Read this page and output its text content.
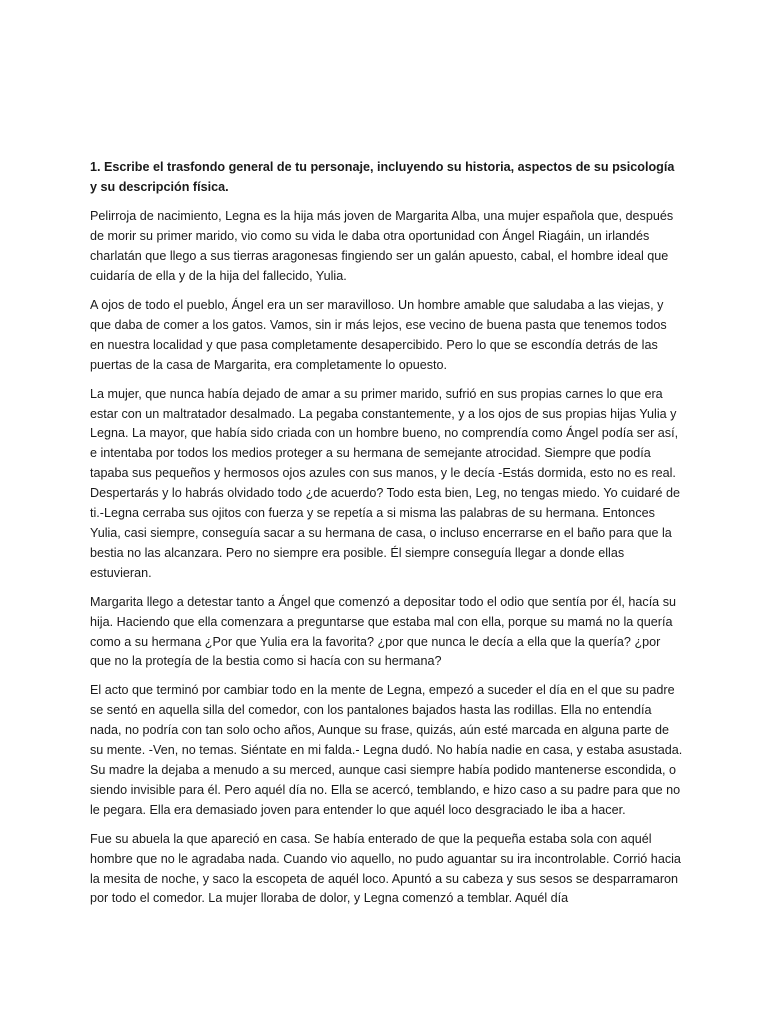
1. Escribe el trasfondo general de tu personaje, incluyendo su historia, aspectos de su psicología y su descripción física.

Pelirroja de nacimiento, Legna es la hija más joven de Margarita Alba, una mujer española que, después de morir su primer marido, vio como su vida le daba otra oportunidad con Ángel Riagáin, un irlandés charlatán que llego a sus tierras aragonesas fingiendo ser un galán apuesto, cabal, el hombre ideal que cuidaría de ella y de la hija del fallecido, Yulia.

A ojos de todo el pueblo, Ángel era un ser maravilloso. Un hombre amable que saludaba a las viejas, y que daba de comer a los gatos. Vamos, sin ir más lejos, ese vecino de buena pasta que tenemos todos en nuestra localidad y que pasa completamente desapercibido. Pero lo que se escondía detrás de las puertas de la casa de Margarita, era completamente lo opuesto.

La mujer, que nunca había dejado de amar a su primer marido, sufrió en sus propias carnes lo que era estar con un maltratador desalmado. La pegaba constantemente, y a los ojos de sus propias hijas Yulia y Legna. La mayor, que había sido criada con un hombre bueno, no comprendía como Ángel podía ser así, e intentaba por todos los medios proteger a su hermana de semejante atrocidad. Siempre que podía tapaba sus pequeños y hermosos ojos azules con sus manos, y le decía -Estás dormida, esto no es real. Despertarás y lo habrás olvidado todo ¿de acuerdo? Todo esta bien, Leg, no tengas miedo. Yo cuidaré de ti.-Legna cerraba sus ojitos con fuerza y se repetía a si misma las palabras de su hermana. Entonces Yulia, casi siempre, conseguía sacar a su hermana de casa, o incluso encerrarse en el baño para que la bestia no las alcanzara. Pero no siempre era posible. Él siempre conseguía llegar a donde ellas estuvieran.

Margarita llego a detestar tanto a Ángel que comenzó a depositar todo el odio que sentía por él, hacía su hija. Haciendo que ella comenzara a preguntarse que estaba mal con ella, porque su mamá no la quería como a su hermana ¿Por que Yulia era la favorita? ¿por que nunca le decía a ella que la quería? ¿por que no la protegía de la bestia como si hacía con su hermana?

El acto que terminó por cambiar todo en la mente de Legna, empezó a suceder el día en el que su padre se sentó en aquella silla del comedor, con los pantalones bajados hasta las rodillas. Ella no entendía nada, no podría con tan solo ocho años, Aunque su frase, quizás, aún esté marcada en alguna parte de su mente. -Ven, no temas. Siéntate en mi falda.- Legna dudó. No había nadie en casa, y estaba asustada. Su madre la dejaba a menudo a su merced, aunque casi siempre había podido mantenerse escondida, o siendo invisible para él. Pero aquél día no. Ella se acercó, temblando, e hizo caso a su padre para que no le pegara. Ella era demasiado joven para entender lo que aquél loco desgraciado le iba a hacer.

Fue su abuela la que apareció en casa. Se había enterado de que la pequeña estaba sola con aquél hombre que no le agradaba nada. Cuando vio aquello, no pudo aguantar su ira incontrolable. Corrió hacia la mesita de noche, y saco la escopeta de aquél loco. Apuntó a su cabeza y sus sesos se desparramaron por todo el comedor. La mujer lloraba de dolor, y Legna comenzó a temblar. Aquél día
